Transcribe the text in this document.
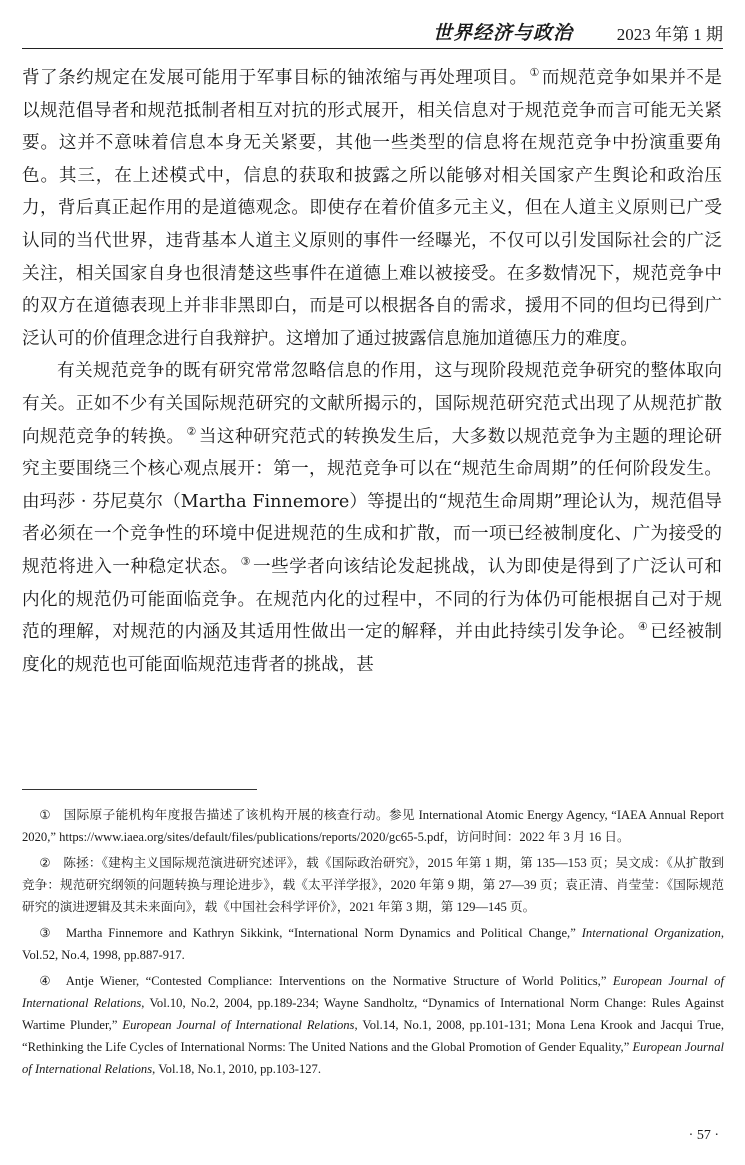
世界经济与政治	2023 年第 1 期

背了条约规定在发展可能用于军事目标的铀浓缩与再处理项目。 ① 而规范竞争如果并不是以规范倡导者和规范抵制者相互对抗的形式展开，相关信息对于规范竞争而言可能无关紧要。这并不意味着信息本身无关紧要，其他一些类型的信息将在规范竞争中扮演重要角色。其三，在上述模式中，信息的获取和披露之所以能够对相关国家产生舆论和政治压力，背后真正起作用的是道德观念。即使存在着价值多元主义，但在人道主义原则已广受认同的当代世界，违背基本人道主义原则的事件一经曝光，不仅可以引发国际社会的广泛关注，相关国家自身也很清楚这些事件在道德上难以被接受。在多数情况下，规范竞争中的双方在道德表现上并非非黑即白，而是可以根据各自的需求，援用不同的但均已得到广泛认可的价值理念进行自我辩护。这增加了通过披露信息施加道德压力的难度。

有关规范竞争的既有研究常常忽略信息的作用，这与现阶段规范竞争研究的整体取向有关。正如不少有关国际规范研究的文献所揭示的，国际规范研究范式出现了从规范扩散向规范竞争的转换。 ② 当这种研究范式的转换发生后，大多数以规范竞争为主题的理论研究主要围绕三个核心观点展开：第一，规范竞争可以在“规范生命周期”的任何阶段发生。由玛莎 · 芬尼莫尔（Martha Finnemore）等提出的“规范生命周期”理论认为，规范倡导者必须在一个竞争性的环境中促进规范的生成和扩散，而一项已经被制度化、广为接受的规范将进入一种稳定状态。 ③ 一些学者向该结论发起挑战，认为即使是得到了广泛认可和内化的规范仍可能面临竞争。在规范内化的过程中，不同的行为体仍可能根据自己对于规范的理解，对规范的内涵及其适用性做出一定的解释，并由此持续引发争论。 ④ 已经被制度化的规范也可能面临规范违背者的挑战，甚

① 国际原子能机构年度报告描述了该机构开展的核查行动。参见 International Atomic Energy Agency, “IAEA Annual Report 2020,” https://www.iaea.org/sites/default/files/publications/reports/2020/gc65-5.pdf，访问时间：2022 年 3 月 16 日。

② 陈拯：《建构主义国际规范演进研究述评》，载《国际政治研究》，2015 年第 1 期，第 135—153 页；吴文成：《从扩散到竞争：规范研究纲领的问题转换与理论进步》，载《太平洋学报》，2020 年第 9 期，第 27—39 页；袁正清、肖莹莹：《国际规范研究的演进逻辑及其未来面向》，载《中国社会科学评价》，2021 年第 3 期，第 129—145 页。

③ Martha Finnemore and Kathryn Sikkink, “International Norm Dynamics and Political Change,” International Organization, Vol.52, No.4, 1998, pp.887-917.

④ Antje Wiener, “Contested Compliance: Interventions on the Normative Structure of World Politics,” European Journal of International Relations, Vol.10, No.2, 2004, pp.189-234; Wayne Sandholtz, “Dynamics of International Norm Change: Rules Against Wartime Plunder,” European Journal of International Relations, Vol.14, No.1, 2008, pp.101-131; Mona Lena Krook and Jacqui True, “Rethinking the Life Cycles of International Norms: The United Nations and the Global Promotion of Gender Equality,” European Journal of International Relations, Vol.18, No.1, 2010, pp.103-127.

· 57 ·
